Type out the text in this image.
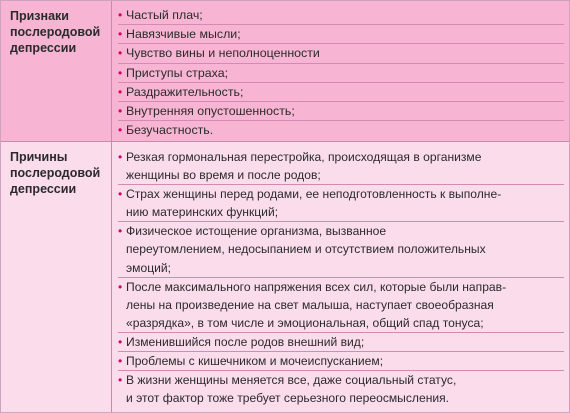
Признаки
послеродовой
депрессии
• Частый плач;
• Навязчивые мысли;
• Чувство вины и неполноценности
• Приступы страха;
• Раздражительность;
• Внутренняя опустошенность;
• Безучастность.
Причины
послеродовой
депрессии
• Резкая гормональная перестройка, происходящая в организме
женщины во время и после родов;
• Страх женщины перед родами, ее неподготовленность к выполне-
нию материнских функций;
• Физическое истощение организма, вызванное
переутомлением, недосыпанием и отсутствием положительных
эмоций;
• После максимального напряжения всех сил, которые были направ-
лены на произведение на свет малыша, наступает своеобразная
«разрядка», в том числе и эмоциональная, общий спад тонуса;
• Изменившийся после родов внешний вид;
• Проблемы с кишечником и мочеиспусканием;
• В жизни женщины меняется все, даже социальный статус,
и этот фактор тоже требует серьезного переосмысления.
